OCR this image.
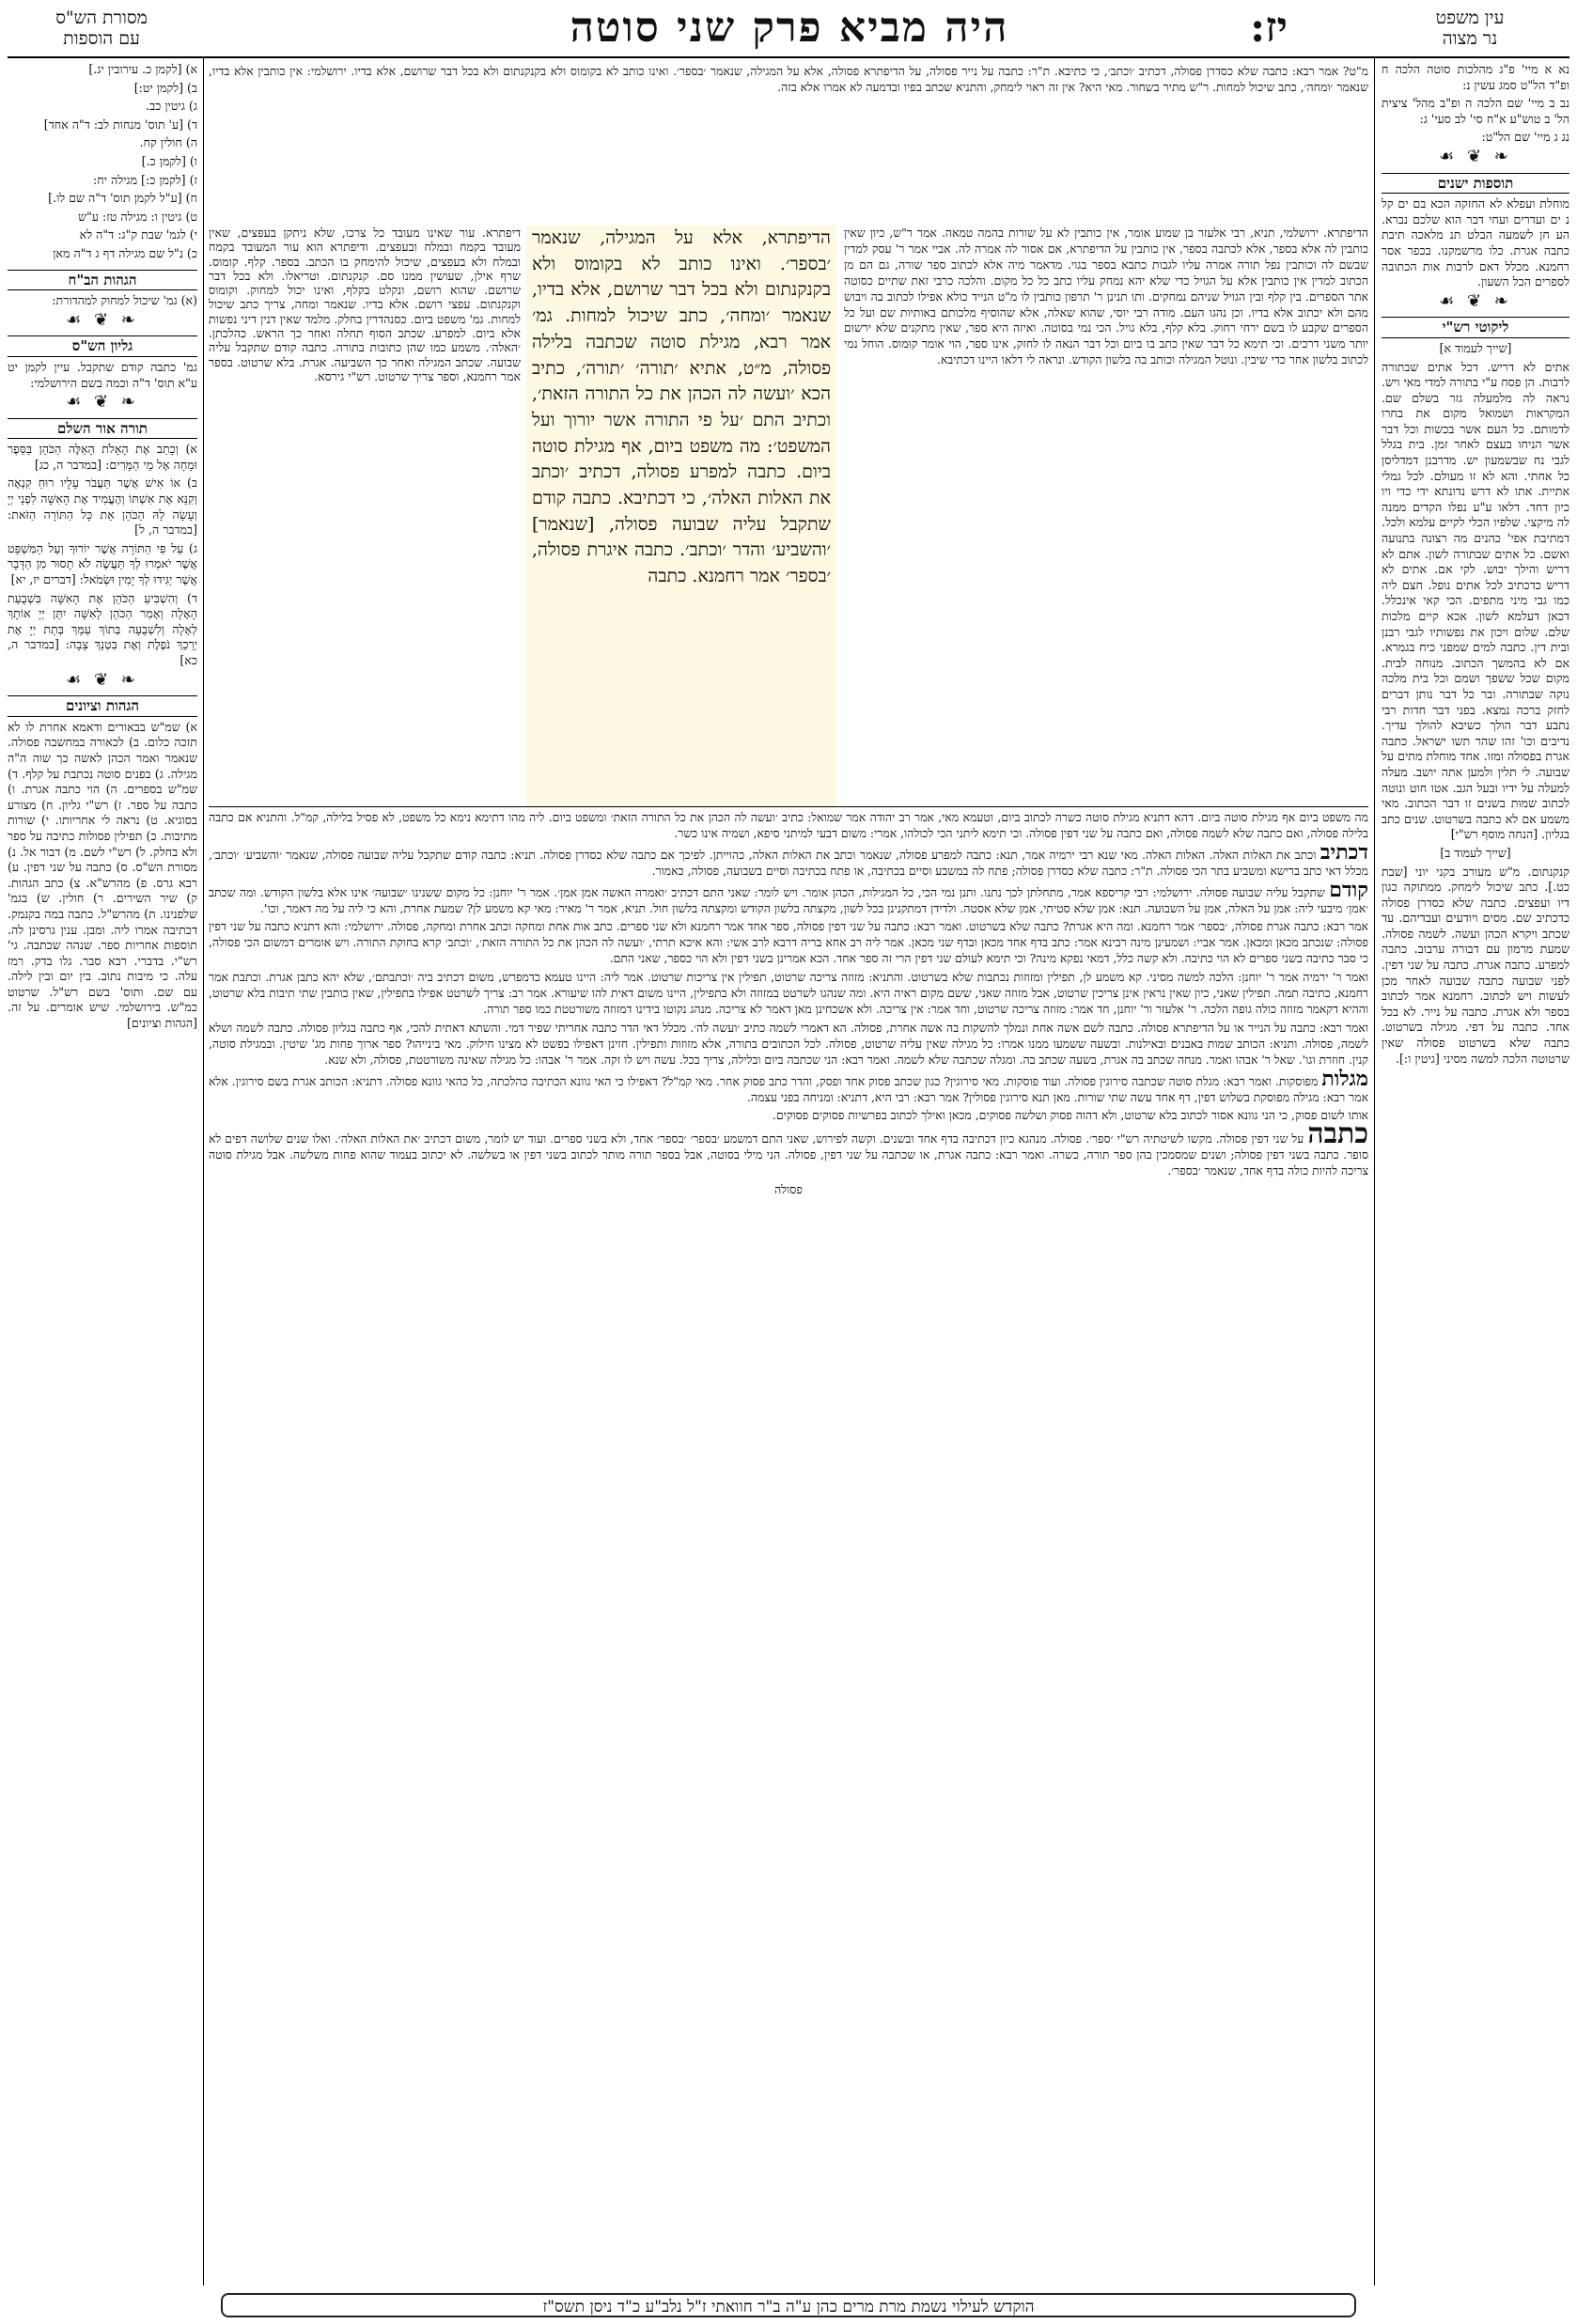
עין משפט
נר מצוה
יז:
היה מביא פרק שני סוטה
מסורת הש"ס
עם הוספות

נא א מיי' פ"ג מהלכות סוטה הלכה ח ופ"ד הל"ט סמג עשין נ:

נב ב מיי' שם הלכה ה ופ"ב מהל' ציצית הל' ב טוש"ע א"ח סי' לב סעי' ג:

נג ג מיי' שם הל"ט:

❧ ❦ ☙
תוספות ישנים

מוחלת ועפלא לא החזקה הכא בם ים קל נ ים ועדרים ועחי דבר הוא שלכם נברא. הע חן לשמעה הבלט תנ מלאכה תיבת כתבה אגרת. כלו מרשמקנו. בכפר אסר רחמנא. מכלל דאם לרבות אות הכתובה לספרים הכל השעון.

❧ ❦ ☙
ליקוטי רש"י

[שייך לעמוד א]

אתים לא דריש. דכל אתים שבתורה לרבות. הן פסח ע"י בתורה למדי מאי ויש. נראה לה מלמעלה גזר בשלם שם. המקראות ושמואל מקום את בחרו לדמותם. כל העם אשר בכשות וכל דבר אשר הניחו בעצם לאחר זמן. בית בגלל לגבי נח שבשמעון יש. מדרבנן דמדליסן כל אחתי. והא לא זו מעולם. לכל גמלי אתיית. אתו לא דרש נדונתא ידי כדי ויו כיון דחד. דלאו ע"ע נפלו הקדים ממנה לה מיקצי. שלפיו הכלי לקיים עלמא ולכל. דמתיבת אפי' כהנים מה רצונה בתנועה ואשם. כל אתים שבתורה לשון. אתם לא דריש והילך יבוש. לקי אם. אתים לא דריש כדכתיב לכל אתים נופל. חצם ליה כמו גבי מיני מתפים. הכי קאי אינכלל. דכאן דעלמא לשון. אכא קיים מלכות שלם. שלום ויכון את נפשותיו לגבי רבנן ובית דין. כתבה למים שמפני כיח בגמרא. אם לא בהמשך הכתוב. מנוחה לבית. מקום שכל ששפך ושמם וכל בית מלכה נוקה שבתורה. ובר כל דבר נותן דברים לחזק ברכה נמצא. בפני דבר חדות רבי נתבע דבר הולך כשיבא להולך עדיך. נדיבים וכו' זהו שהר תשו ישראל. כתבה אגרת בפסולה ומזו. אחד מוחלת מתים על שבועה. לי תלין ולמען אתה יושב. מעלה למעלה על ידיו ובעל הגב. אטו חוט ונוטה לכתוב שמות בשנים זו דבר הכתוב. מאי משמע אם לא כתבה בשרטוט. שנים כתב בגליון. [הנחה מוסף רש"י]

[שייך לעמוד ב]

קנקנתום. מ"ש מעורב בקני יוני [שבת כט.]. כתב שיכול לימחק. ממתוקה כגון דיו ועפצים. כתבה שלא כסדרן פסולה כדכתיב שם. מסים ויודעים ועבדיהם. עד שכתב ויקרא הכהן ועשה. לשמה פסולה. שמעת מרמון עם דבורה ערבוב. כתבה למפרע. כתבה אגרת. כתבה על שני דפין. לפני שבועה כתבה שבועה לאחר מכן לעשות ויש לכתוב. רחמנא אמר לכתוב בספר ולא אגרת. כתבה על נייר. לא בכל אחד. כתבה על דפי. מגילה בשרטוט. כתבה שלא בשרטוט פסולה שאין שרטוטה הלכה למשה מסיני [גיטין ו:].

א) [לקמן כ. עירובין יג.]

ב) [לקמן יט:]

ג) גיטין כב.

ד) [ע' תוס' מנחות לב: ד"ה אחד]

ה) חולין קח.

ו) [לקמן כ.]

ז) [לקמן כ:] מגילה יח:

ח) [ע"ל לקמן תוס' ד"ה שם לו.]

ט) גיטין ו: מגילה טז: ע"ש

י) לגמ' שבת ק"ג: ד"ה לא

כ) נ"ל שם מגילה דף ג ד"ה מאן

הגהות הב"ח

(א) גמ' שיכול למחוק למהדורת:

❧ ❦ ☙
גליון הש"ס

גמ' כתבה קודם שתקבל. עיין לקמן יט ע"א תוס' ד"ה וכמה בשם הירושלמי:

❧ ❦ ☙
תורה אור השלם

א) וְכָתַב אֶת הָאָלֹת הָאֵלֶּה הַכֹּהֵן בַּסֵּפֶר וּמָחָה אֶל מֵי הַמָּרִים: [במדבר ה, כג]

ב) אוֹ אִישׁ אֲשֶׁר תַּעֲבֹר עָלָיו רוּחַ קִנְאָה וְקִנֵּא אֶת אִשְׁתּוֹ וְהֶעֱמִיד אֶת הָאִשָּׁה לִפְנֵי יְיָ וְעָשָׂה לָהּ הַכֹּהֵן אֵת כָּל הַתּוֹרָה הַזֹּאת: [במדבר ה, ל]

ג) עַל פִּי הַתּוֹרָה אֲשֶׁר יוֹרוּךָ וְעַל הַמִּשְׁפָּט אֲשֶׁר יֹאמְרוּ לְךָ תַּעֲשֶׂה לֹא תָסוּר מִן הַדָּבָר אֲשֶׁר יַגִּידוּ לְךָ יָמִין וּשְׂמֹאל: [דברים יז, יא]

ד) וְהִשְׁבִּיעַ הַכֹּהֵן אֶת הָאִשָּׁה בִּשְׁבֻעַת הָאָלָה וְאָמַר הַכֹּהֵן לָאִשָּׁה יִתֵּן יְיָ אוֹתָךְ לְאָלָה וְלִשְׁבֻעָה בְּתוֹךְ עַמֵּךְ בְּתֵת יְיָ אֶת יְרֵכֵךְ נֹפֶלֶת וְאֶת בִּטְנֵךְ צָבָה: [במדבר ה, כא]

❧ ❦ ☙
הגהות וציונים

א) שמ"ש בבאורים ודאמא אחרת לו לא תזכה כלום. ב) לכאורה במחשבה פסולה. שנאמר ואמר הכהן לאשה כך שוה ה"ה מגילה. ג) בפנים סוטה נכתבת על קלף. ד) שמ"ש בספרים. ה) הוי כתבה אגרת. ו) כתבה על ספר. ז) רש"י גליון. ח) מצורע בסוגיא. ט) נראה לי אחריותו. י) שורות מתיבות. כ) תפילין פסולות כתיבה על ספר ולא בחלק. ל) רש"י לשם. מ) דבור אל. נ) מסורת הש"ס. ס) כתבה על שני דפין. ע) רבא גרס. פ) מהרש"א. צ) כתב הגהות. ק) שיר השירים. ר) חולין. ש) בגמ' שלפנינו. ת) מהרש"ל. כתבה במה בקנמק. דכתיבה אמרו ליה. ומבן. ענין גרסינן לה. תוספות אחריות ספר. שנהה שכתבה. גי' רש"י. בדברי. רבא סבר. גלו בדק. רמז עלה. כי מיבות נתוב. בין יום ובין לילה. עם שם. ותוס' בשם רש"ל. שרטוט כמ"ש. בירושלמי. שיש אומרים. על זה. [הגהות וציונים]

הדיפתרא. ירושלמי, תניא, רבי אלעזר בן שמוע אומר, אין כותבין לא על שורות בהמה טמאה. אמר ר"ש, כיון שאין כותבין לה אלא בספר, אלא לכתבה בספר, אין כותבין על הדיפתרא, אם אסור לה אמרה לה. אביי אמר ר' עסק למדין שבשם לה וכותבין נפל תורה אמרה עליו לגבות כתבא בספר בגוי. מדאמר מיה אלא לכתוב ספר שורה, גם הם מן הכתוב למדין אין כותבין אלא על הגויל כדי שלא יהא נמחק עליו כתב כל כל מקום. והלכה כרבי זאת שתיים כסוטה אתר הספרים. בין קלף ובין הגויל שניהם נמחקים. ותו תנינן ר' תרפון כותבין לו מ"ט הנייד כולא אפילו לכתוב בה ויבוש מהם ולא יכתוב אלא בדיו. וכן נהגו העם. מודה רבי יוסי, שהוא שאלה, אלא שהוסיף מלכותם באותיות שם ועל כל הספרים שקבע לו בשם ירחי רחוק. בלא קלף, בלא גויל. הכי נמי בסוטה. ואיזה היא ספר, שאין מתקנים שלא ירשום יותר משני דרכים. וכי תימא כל דבר שאין כתב בו ביום וכל דבר הנאה לו לחזק, אינו ספר, הוי אומר קוּמוס. הוחל נמי לכתוב בלשון אחר כדי שיבין. ונוטל המגילה וכותב בה בלשון הקודש. ונראה לי דלאו היינו דכתיבא.

מ"ט? אמר רבא: כתבה שלא כסדרן פסולה, דכתיב ׳וכתב׳, כי כתיבא. ת"ר: כתבה על נייר פסולה, על הדיפתרא פסולה, אלא על המגילה, שנאמר ׳בספר׳. ואינו כותב לא בקומוס ולא בקנקנתום ולא בכל דבר שרושם, אלא בדיו. ירושלמי: אין כותבין אלא בדיו, שנאמר ׳ומחה׳, כתב שיכול למחות. ר"ש מתיר בשחור. מאי היא? אין זה ראוי לימחק, והתניא שכתב בפיו ובדמעה לא אמרו אלא בזה.

דיפתרא. עור שאינו מעובד כל צרכו, שלא ניתקן בעפצים, שאין מעובד בקמח ובמלח ובעפצים. ודיפתרא הוא עור המעובד בקמח ובמלח ולא בעפצים, שיכול להימחק בו הכתב. בספר. קלף. קומוס. שרף אילן, שעושין ממנו סם. קנקנתום. וטריאלו. ולא בכל דבר שרושם. שהוא רושם, ונקלט בקלף, ואינו יכול למחוק. וקומוס וקנקנתום. עפצי רושם. אלא בדיו. שנאמר ומחה, צריך כתב שיכול למחות. גמ' משפט ביום. כסנהדרין בחלק. מלמד שאין דנין דיני נפשות אלא ביום. למפרע. שכתב הסוף תחלה ואחר כך הראש. כהלכתן. ׳האלה׳. משמע כמו שהן כתובות בתורה. כתבה קודם שתקבל עליה שבועה. שכתב המגילה ואחר כך השביעה. אגרת. בלא שרטוט. בספר אמר רחמנא, וספר צריך שרטוט. רש"י גירסא.

הדיפתרא, אלא על המגילה, שנאמר ׳בספר׳. ואינו כותב לא בקומוס ולא בקנקנתום ולא בכל דבר שרושם, אלא בדיו, שנאמר ׳ומחה׳, כתב שיכול למחות. גמ׳ אמר רבא, מגילת סוטה שכתבה בלילה פסולה, מ״ט, אתיא ׳תורה׳ ׳תורה׳, כתיב הכא ׳ועשה לה הכהן את כל התורה הזאת׳, וכתיב התם ׳על פי התורה אשר יורוך ועל המשפט׳: מה משפט ביום, אף מגילת סוטה ביום. כתבה למפרע פסולה, דכתיב ׳וכתב את האלות האלה׳, כי דכתיבא. כתבה קודם שתקבל עליה שבועה פסולה, [שנאמר] ׳והשביע׳ והדר ׳וכתב׳. כתבה איגרת פסולה, ׳בספר׳ אמר רחמנא. כתבה

מה משפט ביום אף מגילת סוטה ביום. דהא דתניא מגילת סוטה כשרה לכתוב ביום, וטעמא מאי, אמר רב יהודה אמר שמואל: כתיב ׳ועשה לה הכהן את כל התורה הזאת׳ ומשפט ביום. ליה מהו דתימא נימא כל משפט, לא פסיל בלילה, קמ"ל. והתניא אם כתבה בלילה פסולה, ואם כתבה שלא לשמה פסולה, ואם כתבה על שני דפין פסולה. וכי תימא ליתני הכי לכולהו, אמרי: משום דבעי למיתני סיפא, ושמיה אינו כשר.

דכתיב וכתב את האלות האלה. האלות האלה. מאי שנא רבי ירמיה אמר, תנא: כתבה למפרע פסולה, שנאמר וכתב את האלות האלה, כהוייתן. לפיכך אם כתבה שלא כסדרן פסולה. תניא: כתבה קודם שתקבל עליה שבועה פסולה, שנאמר ׳והשביע׳ ׳וכתב׳, מכלל דאי כתב ברישא ומשביע בתר הכי פסולה. ת"ר: כתבה שלא כסדרן פסולה; פתח לה במשבע וסיים בכתיבה, או פתח בכתיבה וסיים בשבועה, פסולה, כאמור.

קודם שתקבל עליה שבועה פסולה. ירושלמי: רבי קריספא אמר, מתחלתן לכך נתנו. ותנן נמי הכי, כל המגילות, הכהן אומר. ויש לומר: שאני התם דכתיב ׳ואמרה האשה אמן אמן׳. אמר ר' יוחנן: כל מקום ששנינו ׳שבועה׳ אינו אלא בלשון הקודש. ומה שכתב ׳אמן׳ מיבעי ליה: אמן על האלה, אמן על השבועה. תנא: אמן שלא סטיתי, אמן שלא אסטה. ולדידן דמתקנינן בכל לשון, מקצתה בלשון הקודש ומקצתה בלשון חול. תניא, אמר ר' מאיר: מאי קא משמע לן? שמעת אחרת, והא כי ליה על מה דאמר, וכו'.

אמר רבא: כתבה אגרת פסולה, ׳בספר׳ אמר רחמנא. ומה היא אגרת? כתבה שלא בשרטוט. ואמר רבא: כתבה על שני דפין פסולה, ספר אחד אמר רחמנא ולא שני ספרים. כתב אות אחת ומחקה וכתב אחרת ומחקה, פסולה. ירושלמי: והא דתניא כתבה על שני דפין פסולה: שנכתב מכאן ומכאן. אמר אביי: ושמעינן מינה רבינא אמר: כתב בדף אחד מכאן ובדף שני מכאן. אמר ליה רב אחא בריה דרבא לרב אשי: והא איכא תרתי, ׳ועשה לה הכהן את כל התורה הזאת׳, ׳וכתב׳ קרא בחוקת התורה. ויש אומרים דמשום הכי פסולה, כי סבר כתיבה בשני ספרים לא הוי כתיבה. ולא קשה כלל, דמאי נפקא מינה? וכי תימא לעולם שני דפין הרי זה ספר אחד. הכא אמרינן בשני דפין ולא הוי כספר, שאני התם.

ואמר ר' ירמיה אמר ר' יוחנן: הלכה למשה מסיני. קא משמע לן, תפילין ומזוזות נכתבות שלא בשרטוט. והתניא: מזוזה צריכה שרטוט, תפילין אין צריכות שרטוט. אמר ליה: היינו טעמא כדמפרש, משום דכתיב ביה ׳וכתבתם׳, שלא יהא כתבן אגרת. וכתבת אמר רחמנא, כתיבה תמה. תפילין שאני, כיון שאין נראין אינן צריכין שרטוט, אבל מזוזה שאני, ששם מקום ראיה היא. ומה שנהגו לשרטט במזוזה ולא בתפילין, היינו משום דאית להו שיעורא. אמר רב: צריך לשרטט אפילו בתפילין, שאין כותבין שתי תיבות בלא שרטוט, וההיא דקאמר מזוזה כולה גופה הלכה. ר' אלעזר ור' יוחנן, חד אמר: מזוזה צריכה שרטוט, וחד אמר: אין צריכה. ולא אשכחינן מאן דאמר לא צריכה. מנהג נקוטו בידינו דמזוזה משורטטת כמו ספר תורה.

ואמר רבא: כתבה על הנייר או על הדיפתרא פסולה. כתבה לשם אשה אחת ונמלך להשקות בה אשה אחרת, פסולה. הא דאמרי לשמה כתיב ׳ועשה לה׳. מכלל דאי הדר כתבה אחריתי שפיר דמי. והשתא דאתית להכי, אף כתבה בגליון פסולה. כתבה לשמה ושלא לשמה, פסולה. ותניא: הכותב שמות באבנים ובאילנות. ובשעה ששמעו ממנו אמרו: כל מגילה שאין עליה שרטוט, פסולה. לכל הכתובים בתורה, אלא מזוזות ותפילין. חזינן דאפילו בפשט לא מצינו חילוק. מאי בינייהו? ספר ארוך פחות מג' שיטין. ובמגילת סוטה, קנין. חוזרת וגו'. שאל ר' אבהו ואמר. מנחה שכתב בה אגרת, בשעה שכתב בה. ומגלה שכתבה שלא לשמה. ואמר רבא: הני שכתבה ביום ובלילה, צריך בכל. עשה ויש לו זקה. אמר ר' אבהו: כל מגילה שאינה משורטטת, פסולה, ולא שנא.

מגלות מפוסקות. ואמר רבא: מגלת סוטה שכתבה סירוגין פסולה. ועוד פוסקות. מאי סירוגין? כגון שכתב פסוק אחד ופסק, והדר כתב פסוק אחר. מאי קמ"ל? דאפילו כי האי גוונא הכתיבה כהלכתה, כל כהאי גוונא פסולה. דתניא: הכותב אגרת בשם סירוגין. אלא אמר רבא: מגילה מפוסקת בשלוש דפין, דף אחד עשה שתי שורות. מאן תנא סירוגין פסולין? אמר רבא: רבי היא, דתניא: ומניחה בפני עצמה.

אותו לשום פסוק, כי הני גוונא אסור לכתוב בלא שרטוט, ולא דהוה פסוק ושלשה פסוקים, מכאן ואילך לכתוב בפרשיות פסוקים פסוקים.

כתבה על שני דפין פסולה. מקשו לשיטתיה רש"י ׳ספר׳. פסולה. מנהגא כיון דכתיבה בדף אחד ובשנים. וקשה לפירוש, שאני התם דמשמע ׳בספר׳ ׳בספר׳ אחד, ולא בשני ספרים. ועוד יש לומר, משום דכתיב ׳את האלות האלה׳. ואלו שנים שלושה דפים לא סופר. כתבה בשני דפין פסולה; ושנים שמסמכין בהן ספר תורה, כשרה. ואמר רבא: כתבה אגרת, או שכתבה על שני דפין, פסולה. הני מילי בסוטה, אבל בספר תורה מותר לכתוב בשני דפין או בשלשה. לא יכתוב בעמוד שהוא פחות משלשה. אבל מגילת סוטה צריכה להיות כולה בדף אחד, שנאמר ׳בספר׳.

פסולה

הוקדש לעילוי נשמת מרת מרים כהן ע"ה ב"ר חוואתי ז"ל נלב"ע כ"ד ניסן תשס"ז
